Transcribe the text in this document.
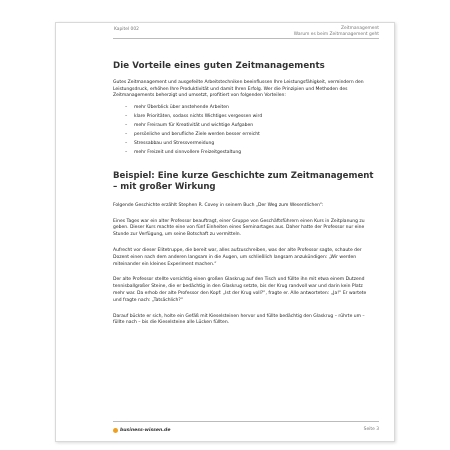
Kapitel 002	Zeitmanagement
Warum es beim Zeitmanagement geht
Die Vorteile eines guten Zeitmanagements

Gutes Zeitmanagement und ausgefeilte Arbeitstechniken beeinflussen Ihre Leistungsfähigkeit, vermindern den Leistungsdruck, erhöhen Ihre Produktivität und damit Ihren Erfolg. Wer die Prinzipien und Methoden des Zeitmanagements beherzigt und umsetzt, profitiert von folgenden Vorteilen:

– mehr Überblick über anstehende Arbeiten
– klare Prioritäten, sodass nichts Wichtiges vergessen wird
– mehr Freiraum für Kreativität und wichtige Aufgaben
– persönliche und berufliche Ziele werden besser erreicht
– Stressabbau und Stressvermeidung
– mehr Freizeit und sinnvollere Freizeitgestaltung
Beispiel: Eine kurze Geschichte zum Zeitmanagement – mit großer Wirkung

Folgende Geschichte erzählt Stephen R. Covey in seinem Buch „Der Weg zum Wesentlichen“:

Eines Tages war ein alter Professor beauftragt, einer Gruppe von Geschäftsführern einen Kurs in Zeitplanung zu geben. Dieser Kurs machte eine von fünf Einheiten eines Seminartages aus. Daher hatte der Professor nur eine Stunde zur Verfügung, um seine Botschaft zu vermitteln.

Aufrecht vor dieser Elitetruppe, die bereit war, alles aufzuschreiben, was der alte Professor sagte, schaute der Dozent einen nach dem anderen langsam in die Augen, um schließlich langsam anzukündigen: „Wir werden miteinander ein kleines Experiment machen.“

Der alte Professor stellte vorsichtig einen großen Glaskrug auf den Tisch und füllte ihn mit etwa einem Dutzend tennisballgroßer Steine, die er bedächtig in den Glaskrug setzte, bis der Krug randvoll war und darin kein Platz mehr war. Da erhob der alte Professor den Kopf: „Ist der Krug voll?“, fragte er. Alle antworteten: „Ja!“ Er wartete und fragte nach: „Tatsächlich?“

Darauf bückte er sich, holte ein Gefäß mit Kieselsteinen hervor und füllte bedächtig den Glaskrug – rührte um – füllte nach – bis die Kieselsteine alle Lücken füllten.

business-wissen.de	Seite 3
